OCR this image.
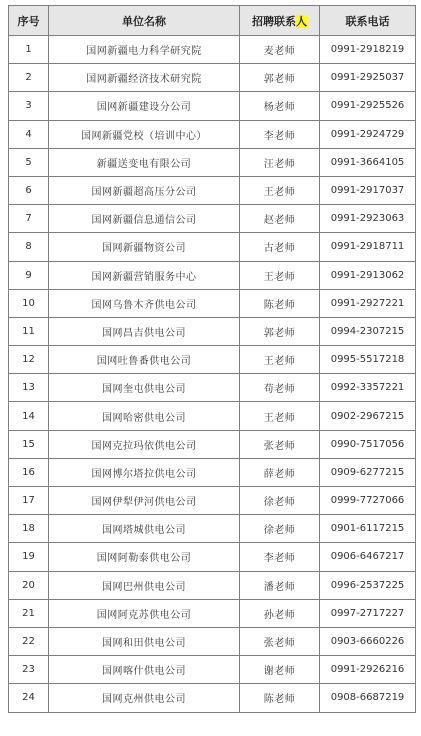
序号	单位名称	招聘联系人	联系电话
1	国网新疆电力科学研究院	麦老师	0991-2918219
2	国网新疆经济技术研究院	郭老师	0991-2925037
3	国网新疆建设分公司	杨老师	0991-2925526
4	国网新疆党校（培训中心）	李老师	0991-2924729
5	新疆送变电有限公司	汪老师	0991-3664105
6	国网新疆超高压分公司	王老师	0991-2917037
7	国网新疆信息通信公司	赵老师	0991-2923063
8	国网新疆物资公司	古老师	0991-2918711
9	国网新疆营销服务中心	王老师	0991-2913062
10	国网乌鲁木齐供电公司	陈老师	0991-2927221
11	国网昌吉供电公司	郭老师	0994-2307215
12	国网吐鲁番供电公司	王老师	0995-5517218
13	国网奎屯供电公司	苟老师	0992-3357221
14	国网哈密供电公司	王老师	0902-2967215
15	国网克拉玛依供电公司	张老师	0990-7517056
16	国网博尔塔拉供电公司	薛老师	0909-6277215
17	国网伊犁伊河供电公司	徐老师	0999-7727066
18	国网塔城供电公司	徐老师	0901-6117215
19	国网阿勒泰供电公司	李老师	0906-6467217
20	国网巴州供电公司	潘老师	0996-2537225
21	国网阿克苏供电公司	孙老师	0997-2717227
22	国网和田供电公司	张老师	0903-6660226
23	国网喀什供电公司	谢老师	0991-2926216
24	国网克州供电公司	陈老师	0908-6687219
